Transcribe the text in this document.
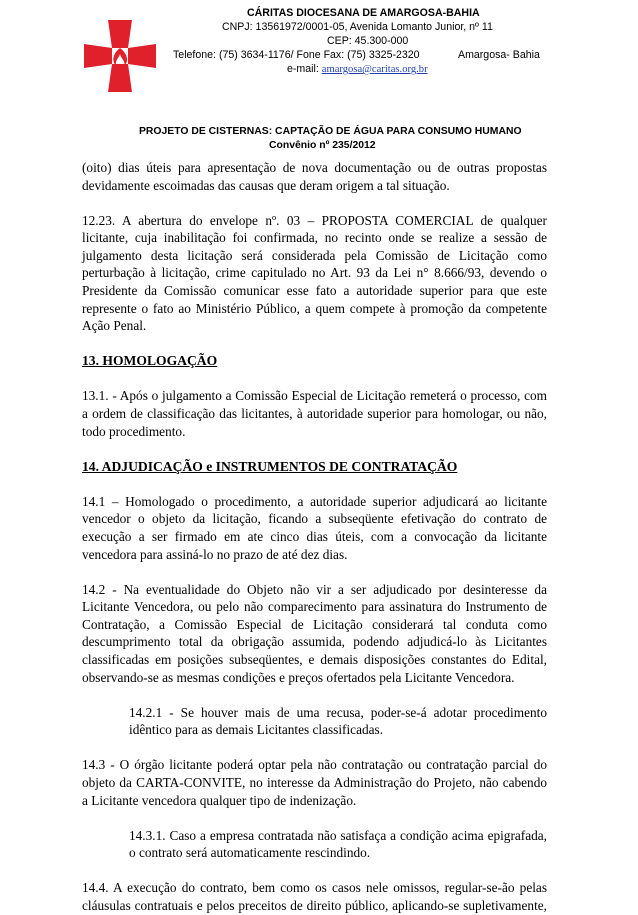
CÁRITAS DIOCESANA DE AMARGOSA-BAHIA
CNPJ: 13561972/0001-05, Avenida Lomanto Junior, nº 11
CEP: 45.300-000
Telefone: (75) 3634-1176/ Fone Fax: (75) 3325-2320	Amargosa- Bahia
e-mail: amargosa@caritas.org.br
PROJETO DE CISTERNAS: CAPTAÇÃO DE ÁGUA PARA CONSUMO HUMANO
Convênio nº 235/2012

(oito) dias úteis para apresentação de nova documentação ou de outras propostas devidamente escoimadas das causas que deram origem a tal situação.

12.23. A abertura do envelope nº. 03 – PROPOSTA COMERCIAL de qualquer licitante, cuja inabilitação foi confirmada, no recinto onde se realize a sessão de julgamento desta licitação será considerada pela Comissão de Licitação como perturbação à licitação, crime capitulado no Art. 93 da Lei n° 8.666/93, devendo o Presidente da Comissão comunicar esse fato a autoridade superior para que este represente o fato ao Ministério Público, a quem compete à promoção da competente Ação Penal.

13. HOMOLOGAÇÃO

13.1. - Após o julgamento a Comissão Especial de Licitação remeterá o processo, com a ordem de classificação das licitantes, à autoridade superior para homologar, ou não, todo procedimento.

14. ADJUDICAÇÃO e INSTRUMENTOS DE CONTRATAÇÃO

14.1 – Homologado o procedimento, a autoridade superior adjudicará ao licitante vencedor o objeto da licitação, ficando a subseqüente efetivação do contrato de execução a ser firmado em ate cinco dias úteis, com a convocação da licitante vencedora para assiná-lo no prazo de até dez dias.

14.2 - Na eventualidade do Objeto não vir a ser adjudicado por desinteresse da Licitante Vencedora, ou pelo não comparecimento para assinatura do Instrumento de Contratação, a Comissão Especial de Licitação considerará tal conduta como descumprimento total da obrigação assumida, podendo adjudicá-lo às Licitantes classificadas em posições subseqüentes, e demais disposições constantes do Edital, observando-se as mesmas condições e preços ofertados pela Licitante Vencedora.

14.2.1 - Se houver mais de uma recusa, poder-se-á adotar procedimento idêntico para as demais Licitantes classificadas.

14.3 - O órgão licitante poderá optar pela não contratação ou contratação parcial do objeto da CARTA-CONVITE, no interesse da Administração do Projeto, não cabendo a Licitante vencedora qualquer tipo de indenização.

14.3.1. Caso a empresa contratada não satisfaça a condição acima epigrafada, o contrato será automaticamente rescindindo.

14.4. A execução do contrato, bem como os casos nele omissos, regular-se-ão pelas cláusulas contratuais e pelos preceitos de direito público, aplicando-se supletivamente,
